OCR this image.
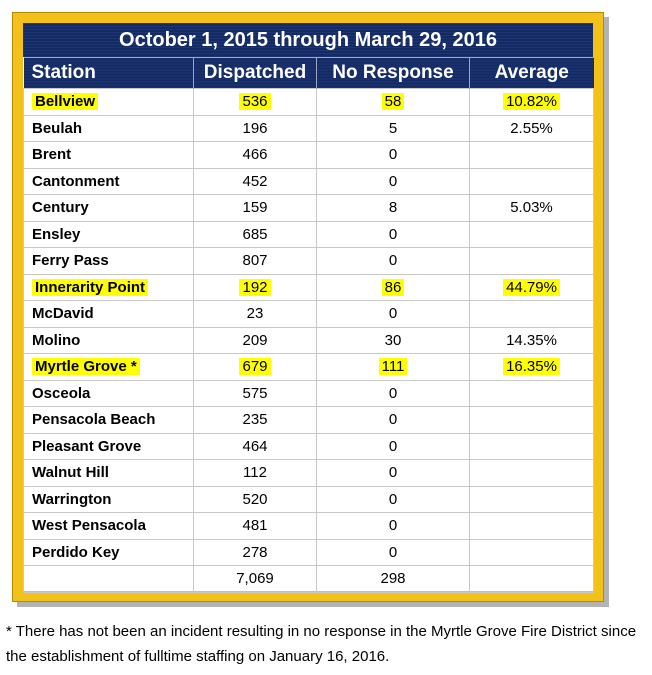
October 1, 2015 through March 29, 2016
Station	Dispatched	No Response	Average
Bellview	536	58	10.82%
Beulah	196	5	2.55%
Brent	466	0	
Cantonment	452	0	
Century	159	8	5.03%
Ensley	685	0	
Ferry Pass	807	0	
Innerarity Point	192	86	44.79%
McDavid	23	0	
Molino	209	30	14.35%
Myrtle Grove *	679	111	16.35%
Osceola	575	0	
Pensacola Beach	235	0	
Pleasant Grove	464	0	
Walnut Hill	112	0	
Warrington	520	0	
West Pensacola	481	0	
Perdido Key	278	0	
	7,069	298	
* There has not been an incident resulting in no response in the Myrtle Grove Fire District since the establishment of fulltime staffing on January 16, 2016.
